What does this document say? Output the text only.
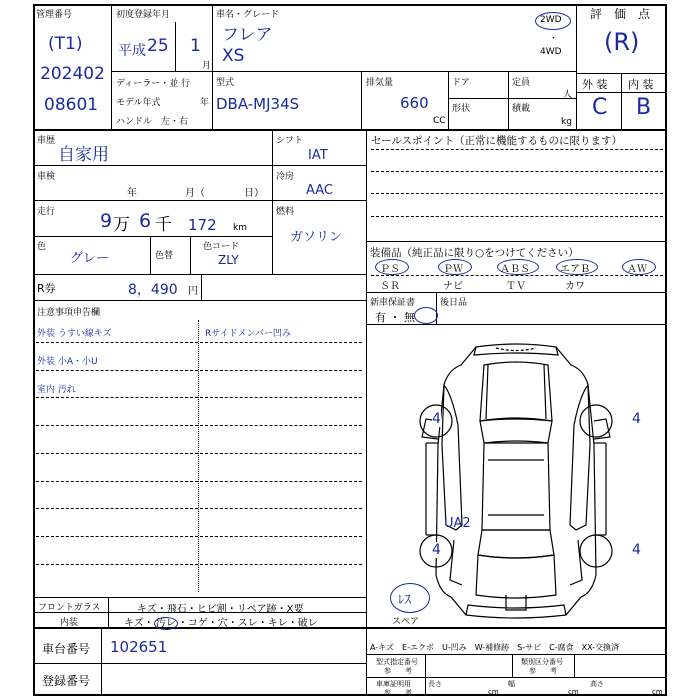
管理番号
(T1)
202402
08601
初度登録年月
平成 25 1
月
車名・グレード
フレア
XS
2WD
・
4WD
評　価　点
(R)
ディーラー・並 行
モデル年式	年
ハンドル　左・右
型式
DBA-MJ34S
排気量
660
CC
ドア	定員
人
形状	積載
kg
外 装 内 装
C B
車歴
自家用
車検
年	月（	日）
走行 9 万 6 千 172 km
色
グレー	色替
色コード
ZLY
R券	8，490 円
注意事項申告欄
外装 うすい線キズ	Rサイドメンバー凹み
外装 小A・小U
室内 汚れ
フロントガラス	キズ・飛石・ヒビ割・リペア跡・X要
内装	キズ・ 汚レ ・コゲ・穴・スレ・キレ・破レ
車台番号 102651
登録番号
シフト
IAT
冷房
AAC
燃料
ガソリン
セールスポイント（正常に機能するものに限ります）
装備品（純正品に限り○をつけてください）
ＰＳ	ＰＷ	ＡＢＳ	エアＢ	ＡＷ
ＳＲ	ナビ	ＴＶ	カワ
新車保証書
有 ・ 無
後日品
4	4
4	4
UA2
ﾚｽ
スペア
A-キズ　E-エクボ　U-凹み　W-補修跡　S-サビ　C-腐食　XX-交換済
型式指定番号
参　　考
類別区分番号
参　　考
車庫証明用
参　　考
長さ
cm
幅
cm
高さ
cm
